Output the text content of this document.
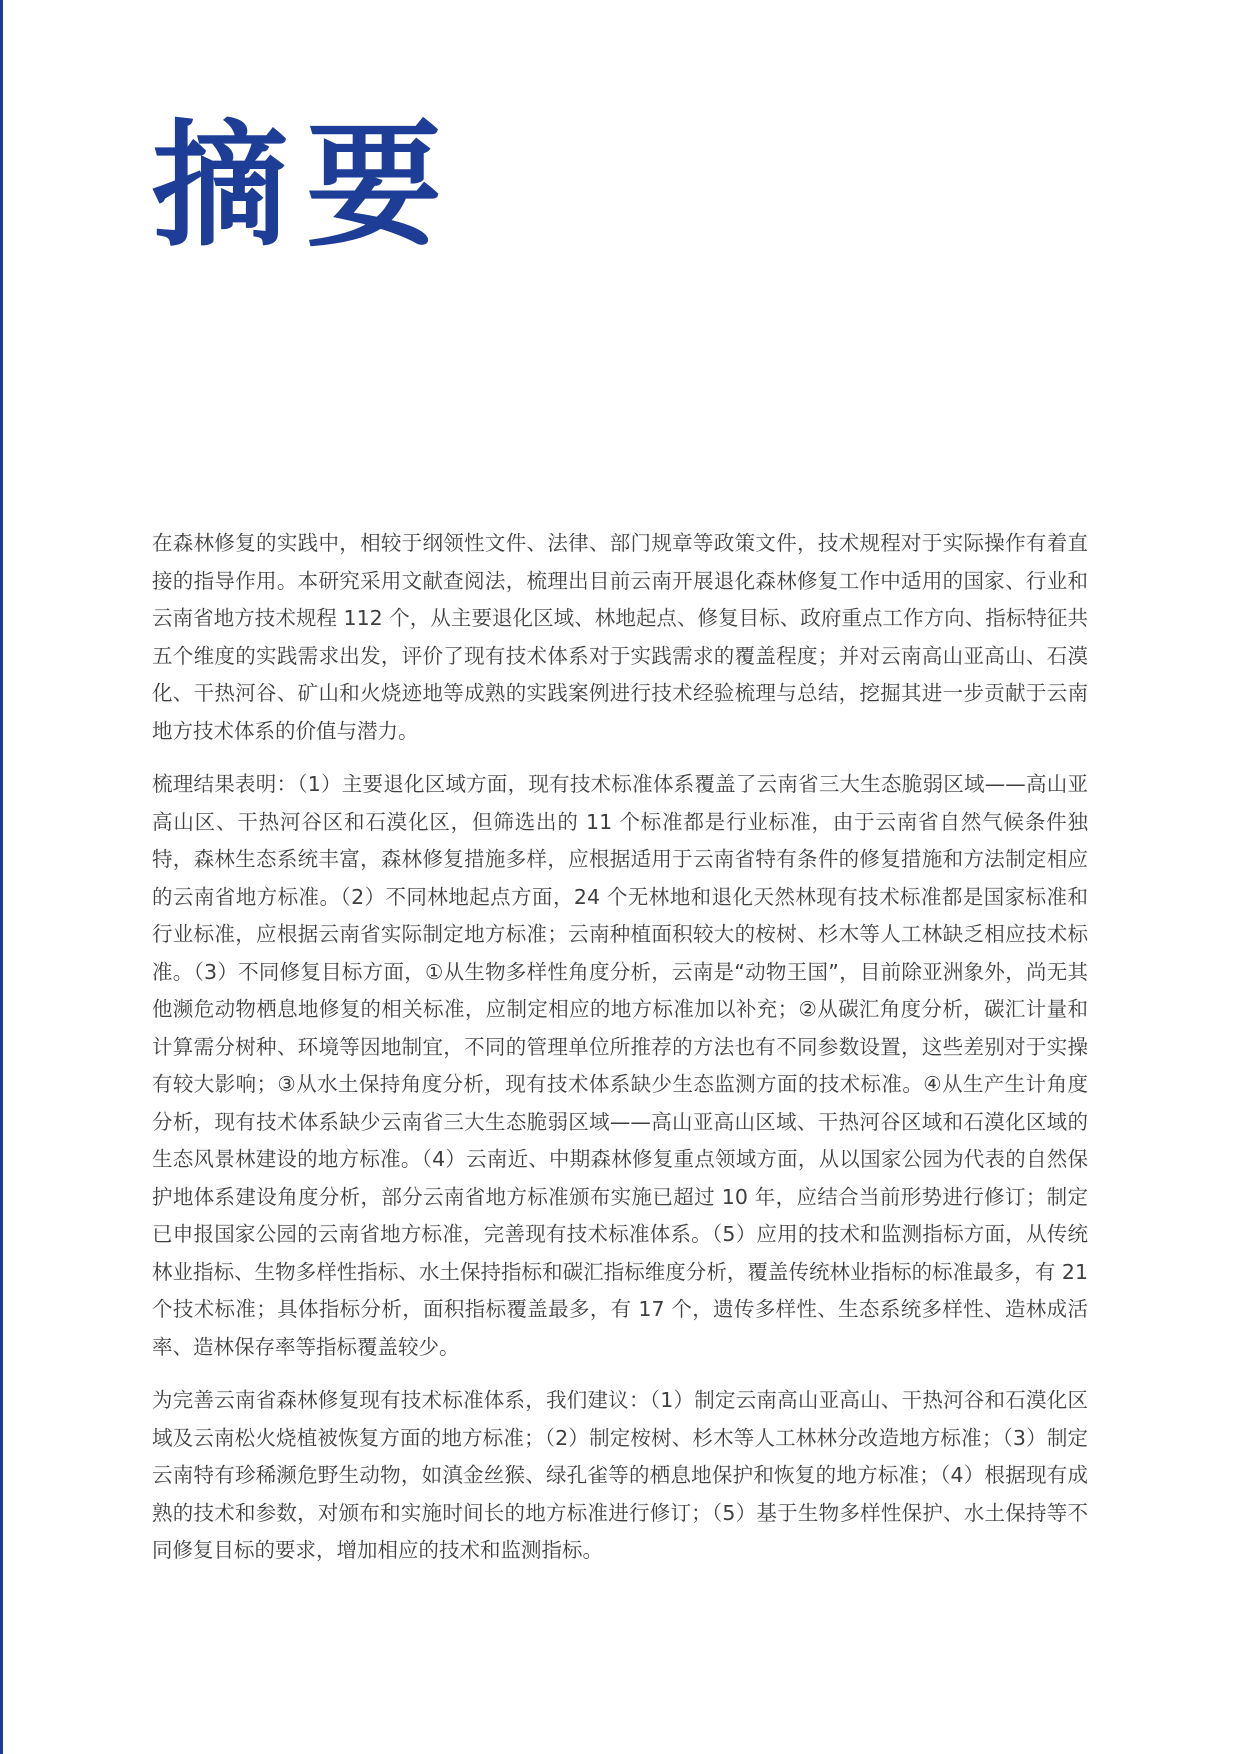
摘要

在森林修复的实践中，相较于纲领性文件、法律、部门规章等政策文件，技术规程对于实际操作有着直接的指导作用。本研究采用文献查阅法，梳理出目前云南开展退化森林修复工作中适用的国家、行业和云南省地方技术规程 112 个，从主要退化区域、林地起点、修复目标、政府重点工作方向、指标特征共五个维度的实践需求出发，评价了现有技术体系对于实践需求的覆盖程度；并对云南高山亚高山、石漠化、干热河谷、矿山和火烧迹地等成熟的实践案例进行技术经验梳理与总结，挖掘其进一步贡献于云南地方技术体系的价值与潜力。

梳理结果表明：（1）主要退化区域方面，现有技术标准体系覆盖了云南省三大生态脆弱区域——高山亚高山区、干热河谷区和石漠化区，但筛选出的 11 个标准都是行业标准，由于云南省自然气候条件独特，森林生态系统丰富，森林修复措施多样，应根据适用于云南省特有条件的修复措施和方法制定相应的云南省地方标准。（2）不同林地起点方面，24 个无林地和退化天然林现有技术标准都是国家标准和行业标准，应根据云南省实际制定地方标准；云南种植面积较大的桉树、杉木等人工林缺乏相应技术标准。（3）不同修复目标方面，①从生物多样性角度分析，云南是“动物王国”，目前除亚洲象外，尚无其他濒危动物栖息地修复的相关标准，应制定相应的地方标准加以补充；②从碳汇角度分析，碳汇计量和计算需分树种、环境等因地制宜，不同的管理单位所推荐的方法也有不同参数设置，这些差别对于实操有较大影响；③从水土保持角度分析，现有技术体系缺少生态监测方面的技术标准。④从生产生计角度分析，现有技术体系缺少云南省三大生态脆弱区域——高山亚高山区域、干热河谷区域和石漠化区域的生态风景林建设的地方标准。（4）云南近、中期森林修复重点领域方面，从以国家公园为代表的自然保护地体系建设角度分析，部分云南省地方标准颁布实施已超过 10 年，应结合当前形势进行修订；制定已申报国家公园的云南省地方标准，完善现有技术标准体系。（5）应用的技术和监测指标方面，从传统林业指标、生物多样性指标、水土保持指标和碳汇指标维度分析，覆盖传统林业指标的标准最多，有 21 个技术标准；具体指标分析，面积指标覆盖最多，有 17 个，遗传多样性、生态系统多样性、造林成活率、造林保存率等指标覆盖较少。

为完善云南省森林修复现有技术标准体系，我们建议：（1）制定云南高山亚高山、干热河谷和石漠化区域及云南松火烧植被恢复方面的地方标准；（2）制定桉树、杉木等人工林林分改造地方标准；（3）制定云南特有珍稀濒危野生动物，如滇金丝猴、绿孔雀等的栖息地保护和恢复的地方标准；（4）根据现有成熟的技术和参数，对颁布和实施时间长的地方标准进行修订；（5）基于生物多样性保护、水土保持等不同修复目标的要求，增加相应的技术和监测指标。
